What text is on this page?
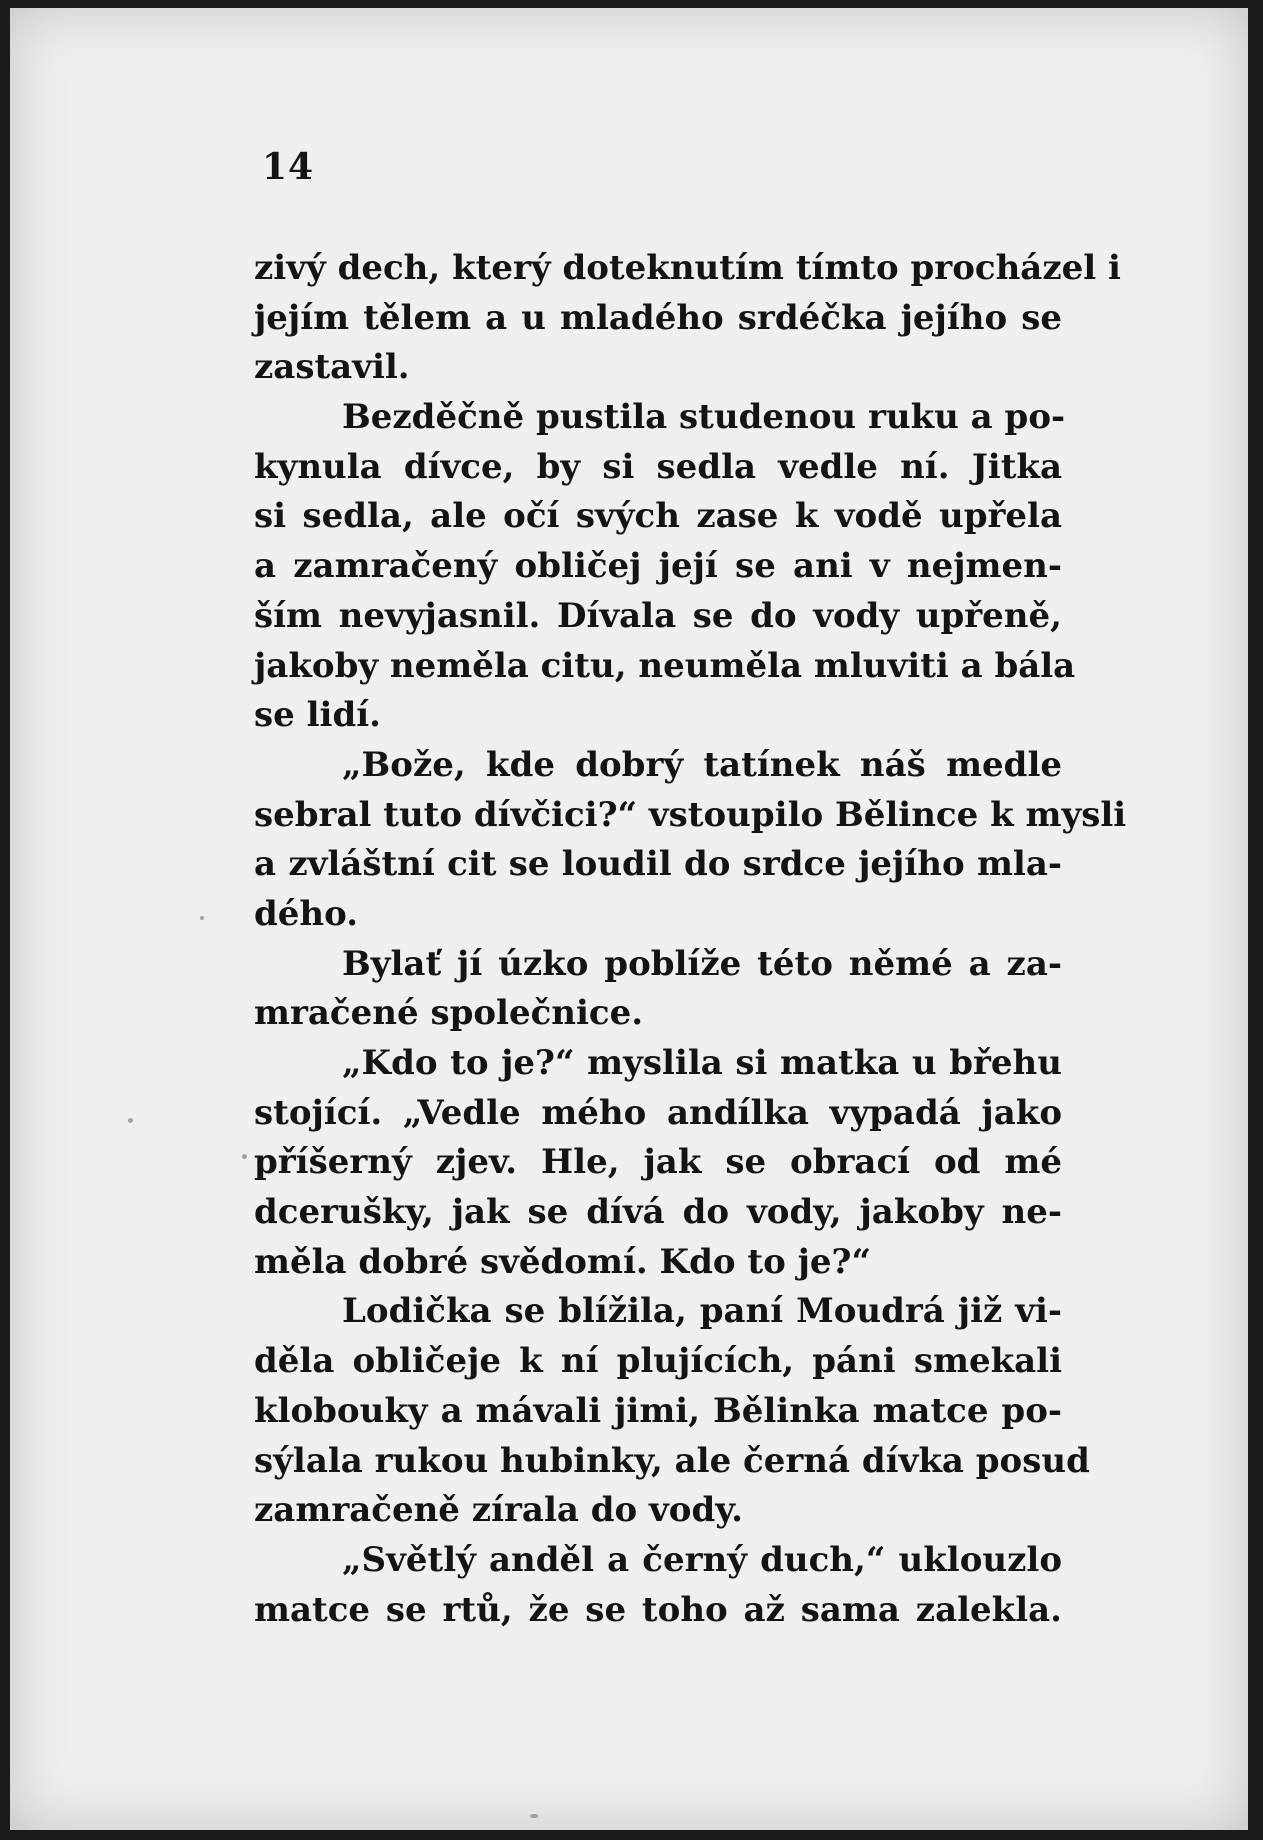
14
zivý dech, který doteknutím tímto procházel i
jejím tělem a u mladého srdéčka jejího se
zastavil.
Bezděčně pustila studenou ruku a po-
kynula dívce, by si sedla vedle ní. Jitka
si sedla, ale očí svých zase k vodě upřela
a zamračený obličej její se ani v nejmen-
ším nevyjasnil. Dívala se do vody upřeně,
jakoby neměla citu, neuměla mluviti a bála
se lidí.
„Bože, kde dobrý tatínek náš medle
sebral tuto dívčici?“ vstoupilo Bělince k mysli
a zvláštní cit se loudil do srdce jejího mla-
dého.
Bylať jí úzko poblíže této němé a za-
mračené společnice.
„Kdo to je?“ myslila si matka u břehu
stojící. „Vedle mého andílka vypadá jako
příšerný zjev. Hle, jak se obrací od mé
dcerušky, jak se dívá do vody, jakoby ne-
měla dobré svědomí. Kdo to je?“
Lodička se blížila, paní Moudrá již vi-
děla obličeje k ní plujících, páni smekali
klobouky a mávali jimi, Bělinka matce po-
sýlala rukou hubinky, ale černá dívka posud
zamračeně zírala do vody.
„Světlý anděl a černý duch,“ uklouzlo
matce se rtů, že se toho až sama zalekla.
